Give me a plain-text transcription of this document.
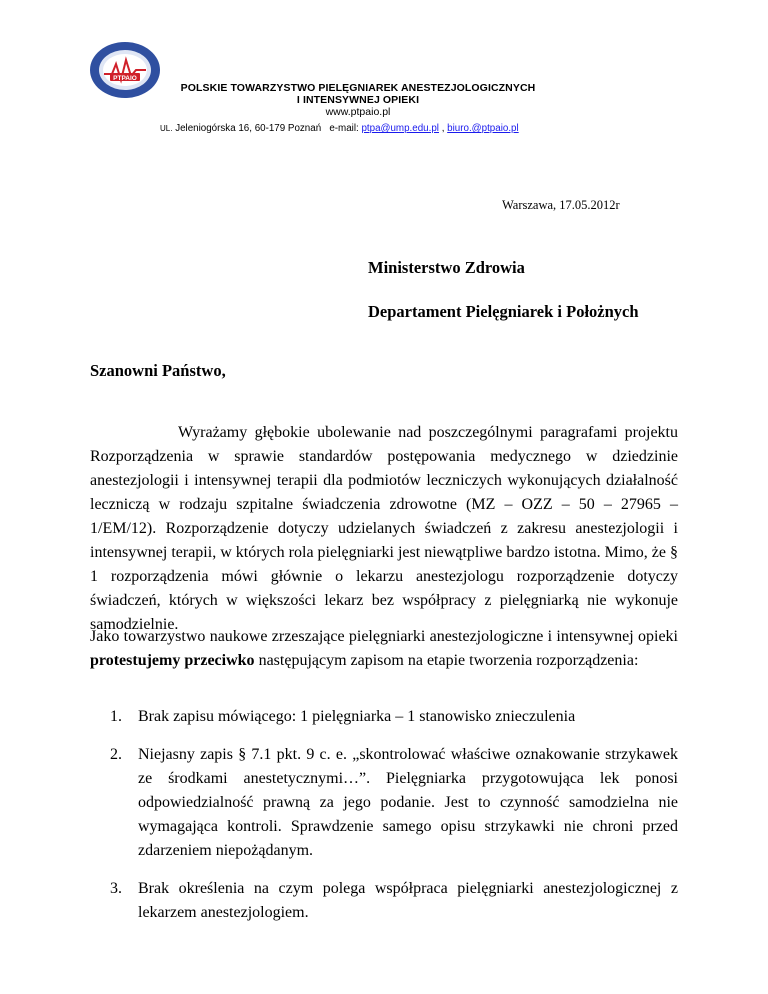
PTPAIO
POLSKIE TOWARZYSTWO PIELĘGNIAREK ANESTEZJOLOGICZNYCH
I INTENSYWNEJ OPIEKI
www.ptpaio.pl
UL. Jeleniogórska 16, 60-179 Poznań e-mail: ptpa@ump.edu.pl , biuro.@ptpaio.pl
Warszawa, 17.05.2012r
Ministerstwo Zdrowia
Departament Pielęgniarek i Położnych
Szanowni Państwo,

Wyrażamy głębokie ubolewanie nad poszczególnymi paragrafami projektu Rozporządzenia w sprawie standardów postępowania medycznego w dziedzinie anestezjologii i intensywnej terapii dla podmiotów leczniczych wykonujących działalność leczniczą w rodzaju szpitalne świadczenia zdrowotne (MZ – OZZ – 50 – 27965 – 1/EM/12). Rozporządzenie dotyczy udzielanych świadczeń z zakresu anestezjologii i intensywnej terapii, w których rola pielęgniarki jest niewątpliwe bardzo istotna. Mimo, że § 1 rozporządzenia mówi głównie o lekarzu anestezjologu rozporządzenie dotyczy świadczeń, których w większości lekarz bez współpracy z pielęgniarką nie wykonuje samodzielnie.

Jako towarzystwo naukowe zrzeszające pielęgniarki anestezjologiczne i intensywnej opieki protestujemy przeciwko następującym zapisom na etapie tworzenia rozporządzenia:

1. Brak zapisu mówiącego: 1 pielęgniarka – 1 stanowisko znieczulenia
2. Niejasny zapis § 7.1 pkt. 9 c. e. „skontrolować właściwe oznakowanie strzykawek ze środkami anestetycznymi…”. Pielęgniarka przygotowująca lek ponosi odpowiedzialność prawną za jego podanie. Jest to czynność samodzielna nie wymagająca kontroli. Sprawdzenie samego opisu strzykawki nie chroni przed zdarzeniem niepożądanym.
3. Brak określenia na czym polega współpraca pielęgniarki anestezjologicznej z lekarzem anestezjologiem.
